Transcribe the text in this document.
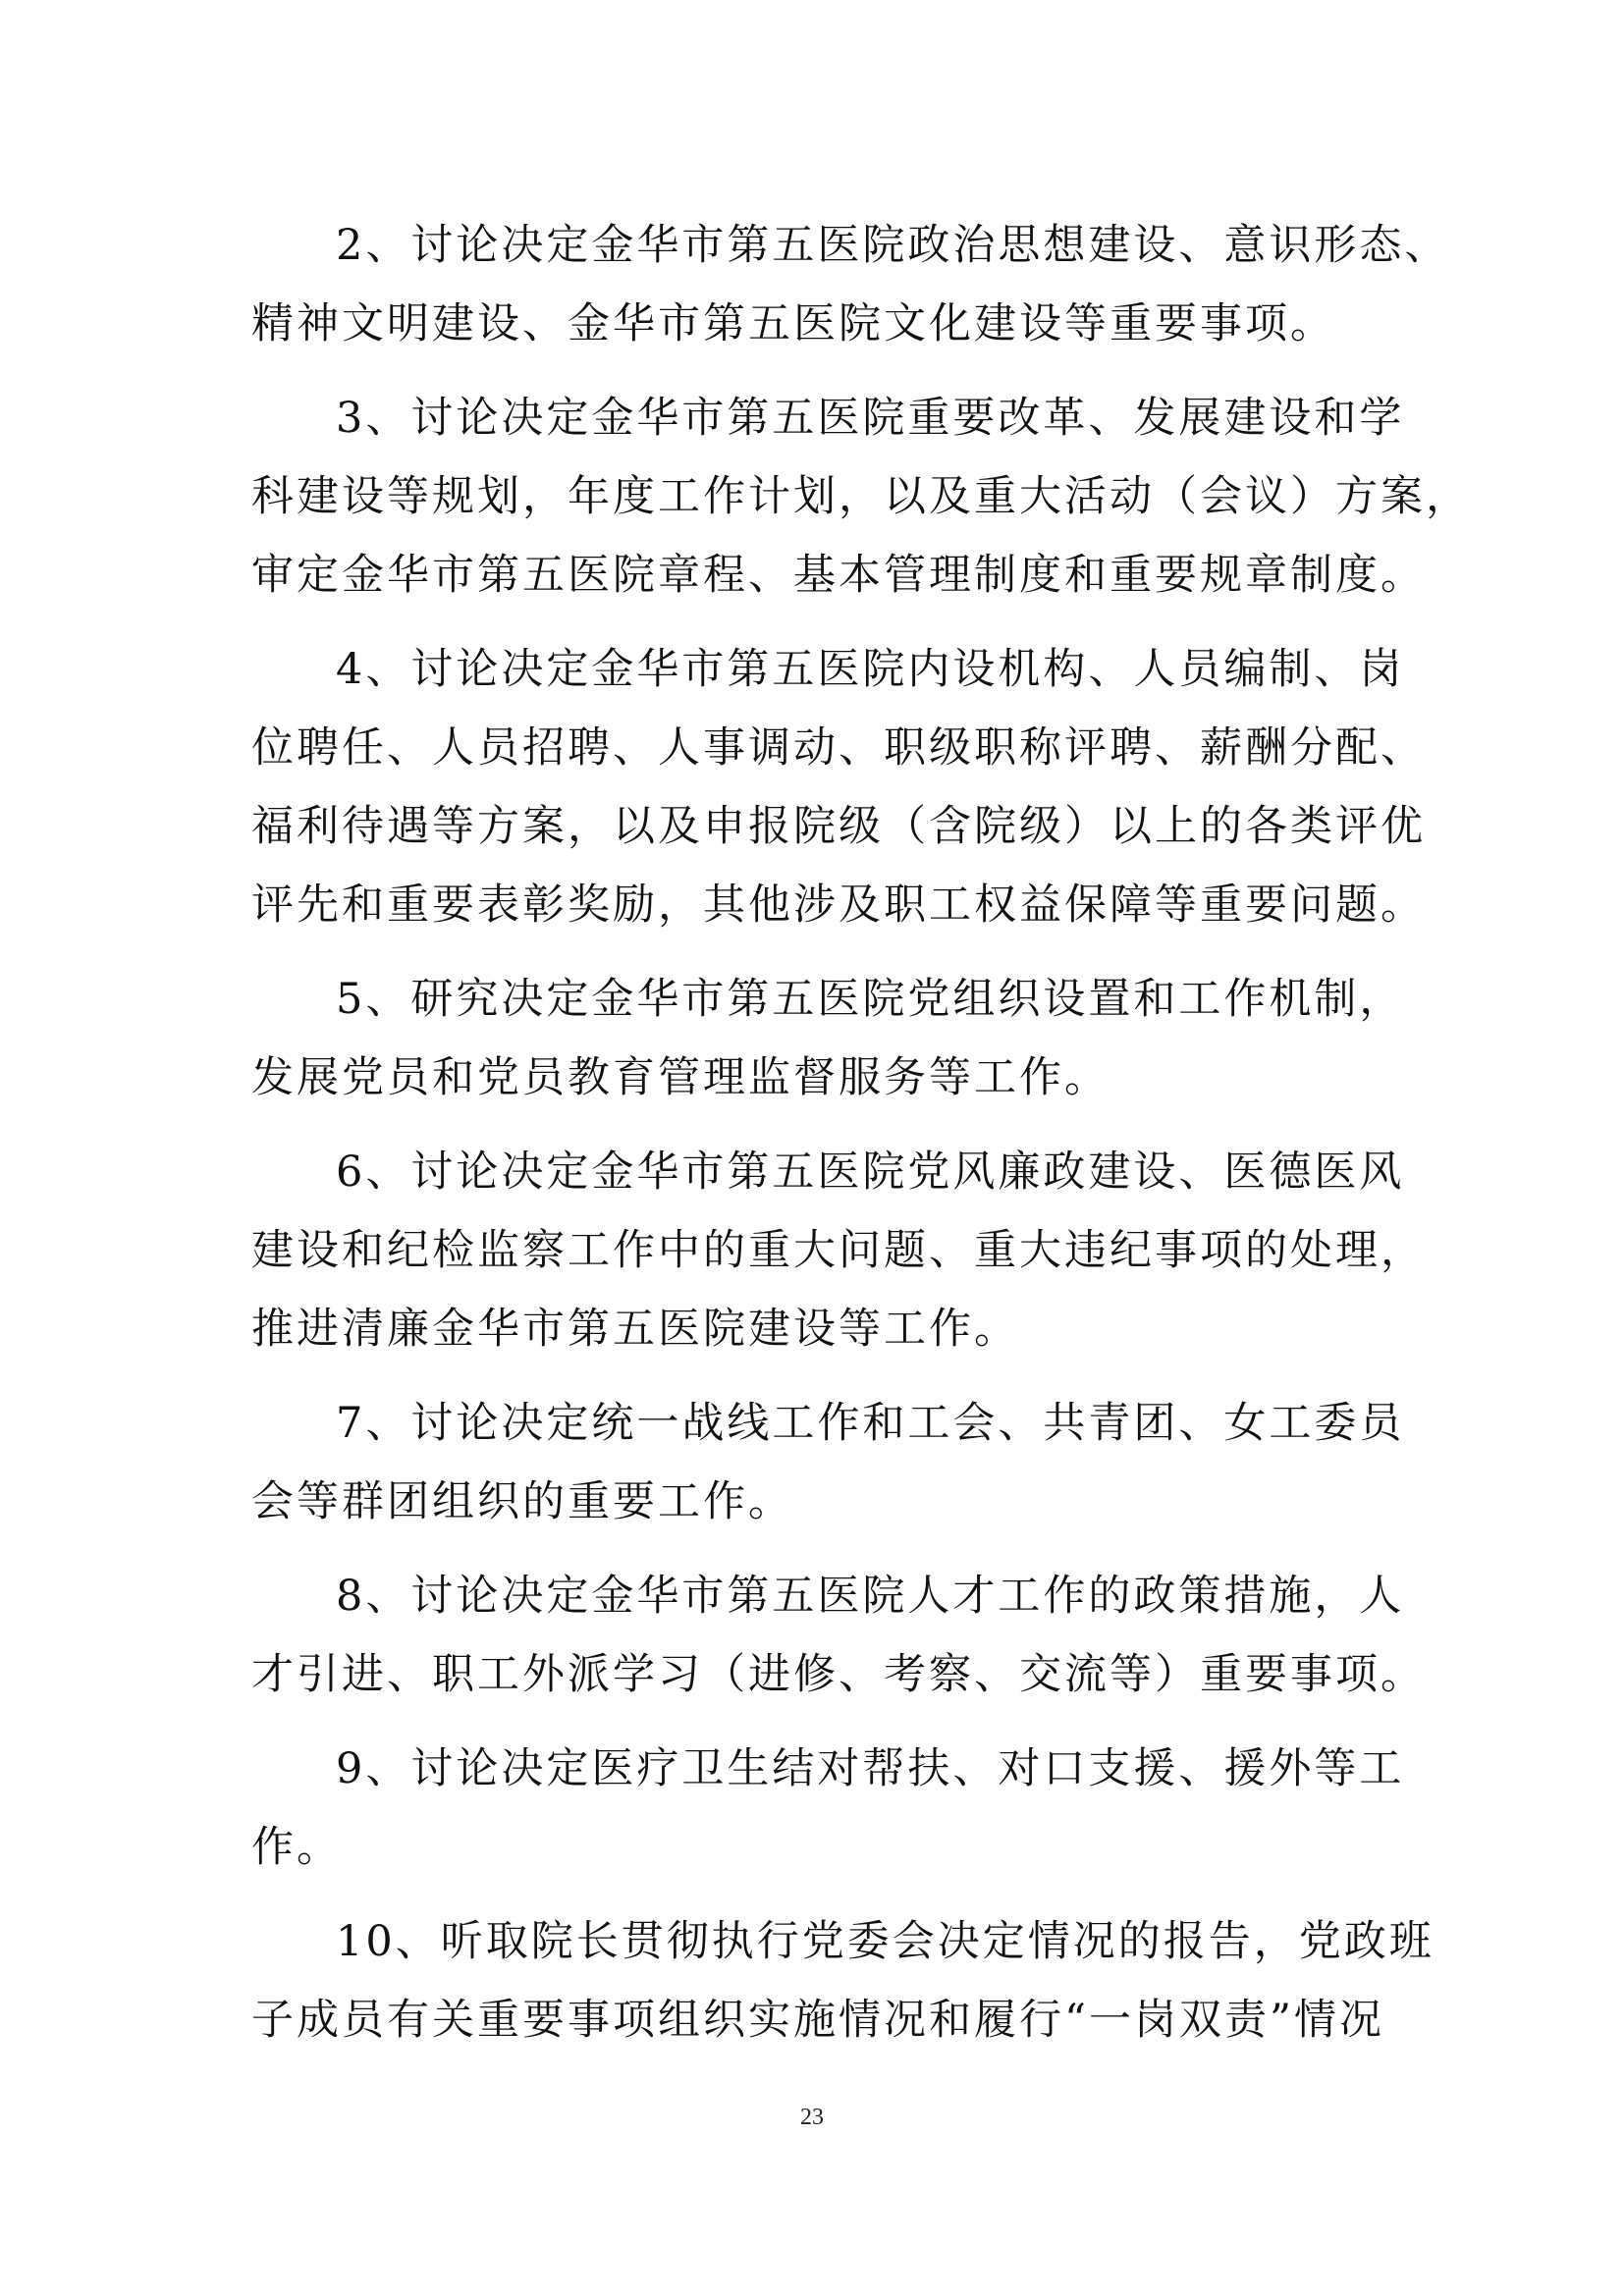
2、讨论决定金华市第五医院政治思想建设、意识形态、
精神文明建设、金华市第五医院文化建设等重要事项。
3、讨论决定金华市第五医院重要改革、发展建设和学
科建设等规划，年度工作计划，以及重大活动（会议）方案，
审定金华市第五医院章程、基本管理制度和重要规章制度。
4、讨论决定金华市第五医院内设机构、人员编制、岗
位聘任、人员招聘、人事调动、职级职称评聘、薪酬分配、
福利待遇等方案，以及申报院级（含院级）以上的各类评优
评先和重要表彰奖励，其他涉及职工权益保障等重要问题。
5、研究决定金华市第五医院党组织设置和工作机制，
发展党员和党员教育管理监督服务等工作。
6、讨论决定金华市第五医院党风廉政建设、医德医风
建设和纪检监察工作中的重大问题、重大违纪事项的处理，
推进清廉金华市第五医院建设等工作。
7、讨论决定统一战线工作和工会、共青团、女工委员
会等群团组织的重要工作。
8、讨论决定金华市第五医院人才工作的政策措施，人
才引进、职工外派学习（进修、考察、交流等）重要事项。
9、讨论决定医疗卫生结对帮扶、对口支援、援外等工
作。
10、听取院长贯彻执行党委会决定情况的报告，党政班
子成员有关重要事项组织实施情况和履行“一岗双责”情况
23
